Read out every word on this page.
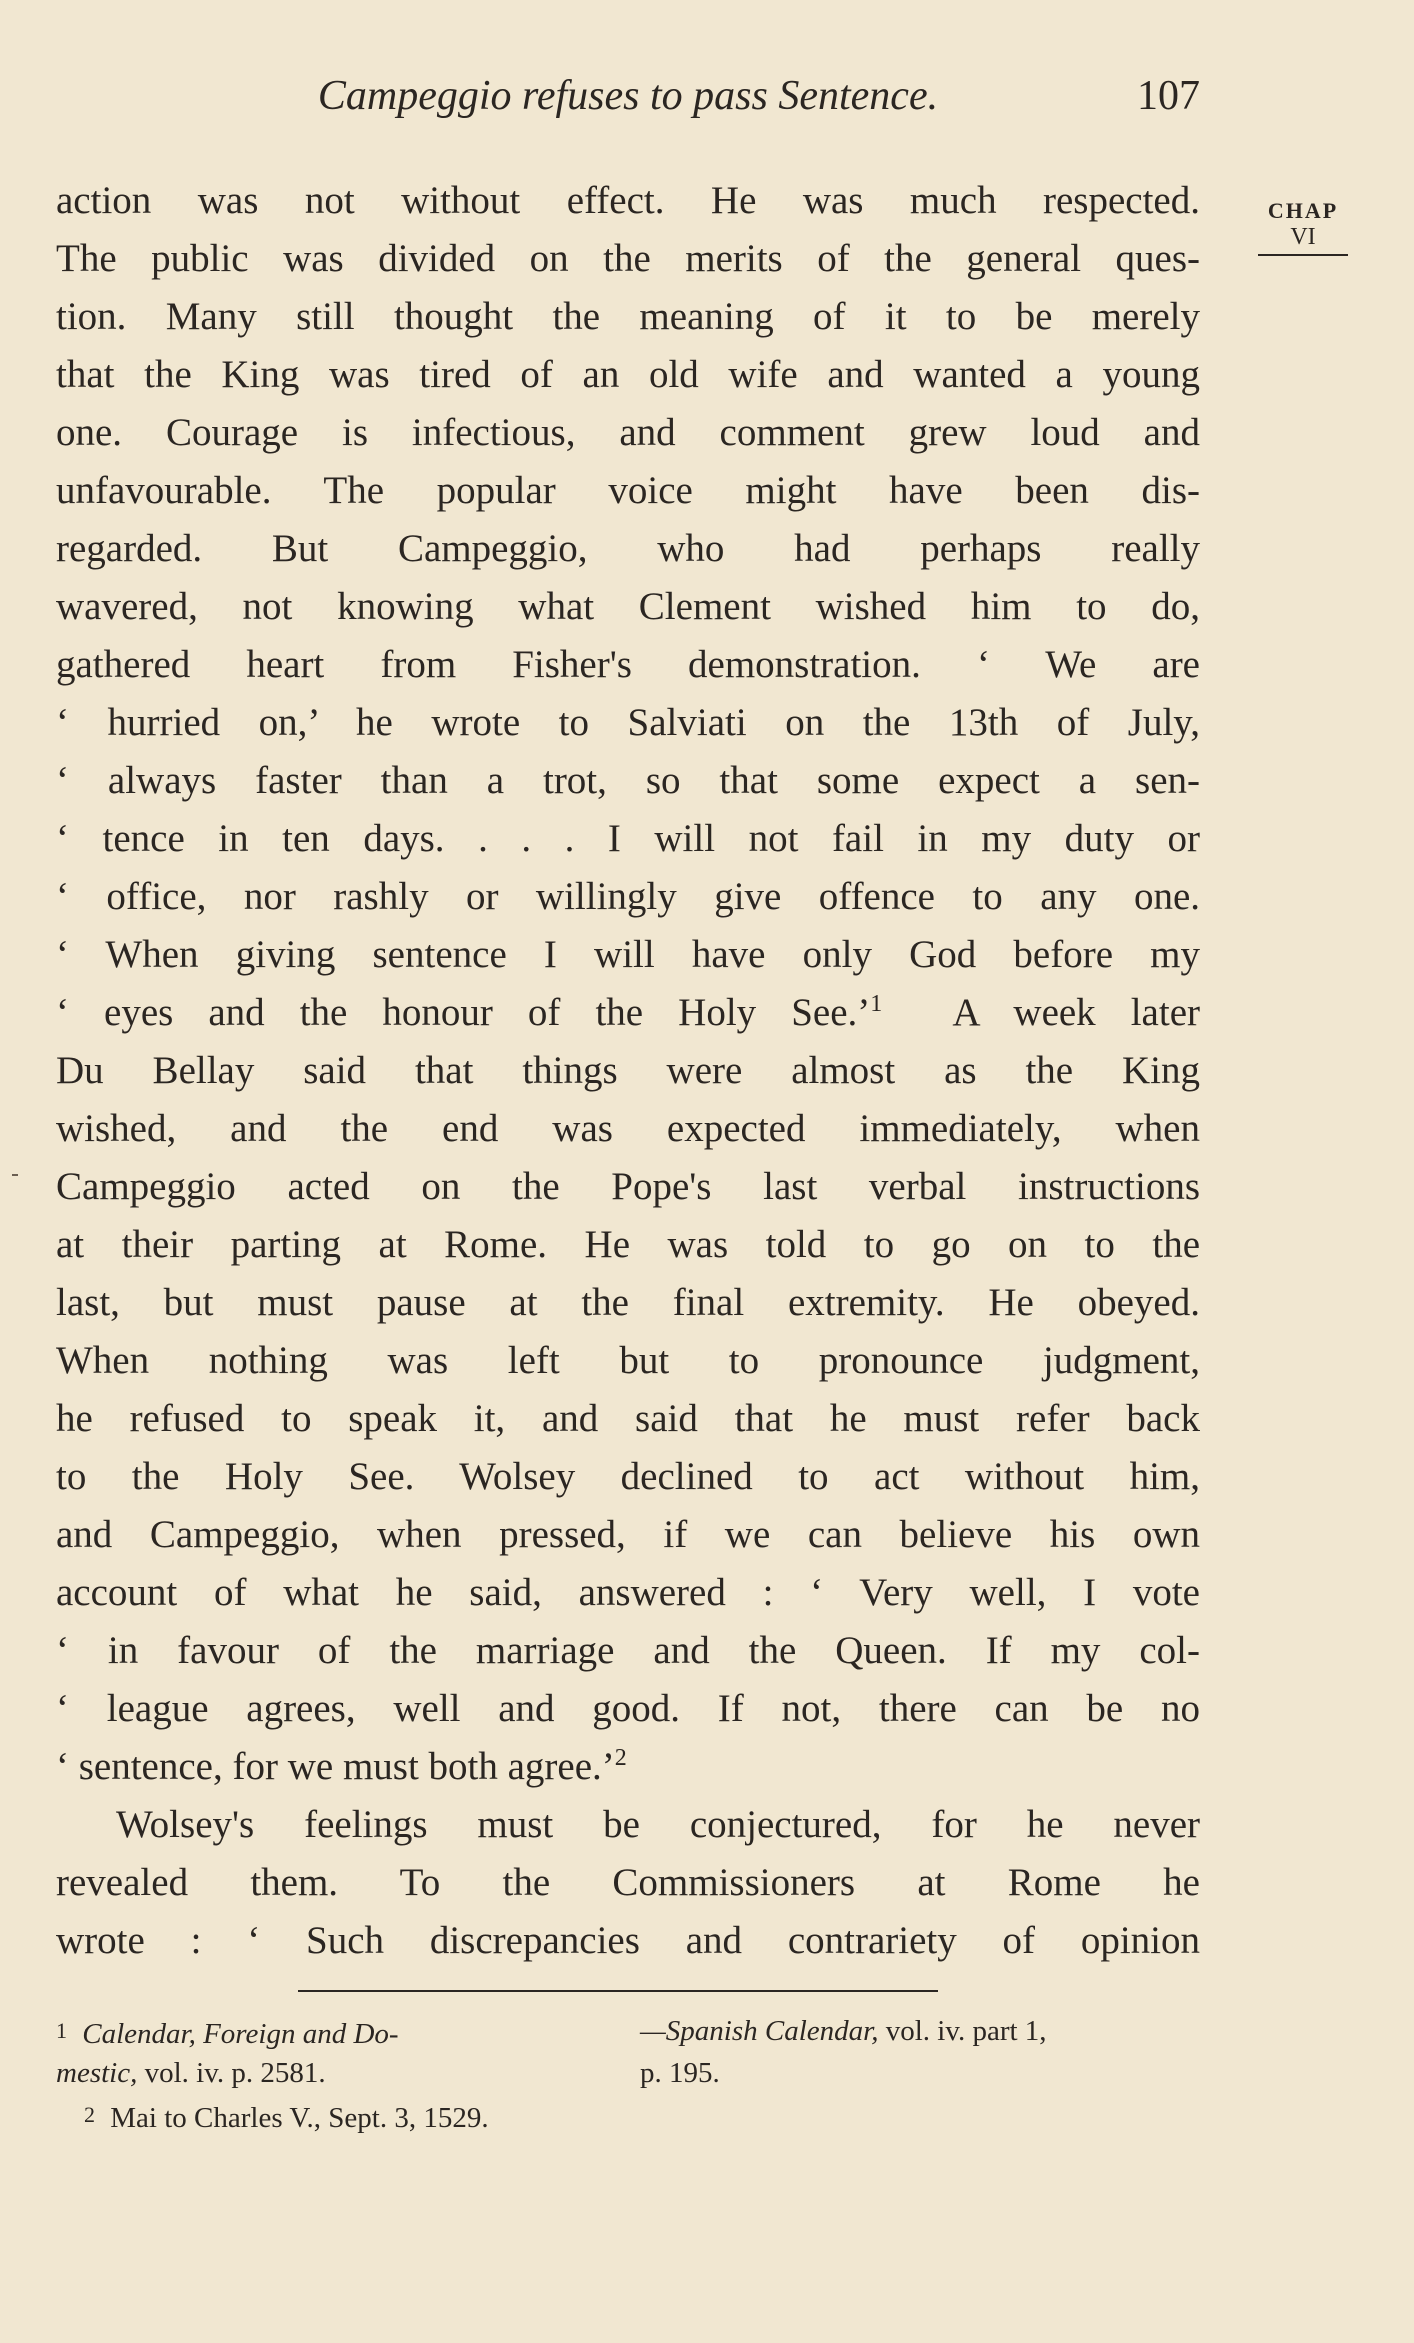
Campeggio refuses to pass Sentence.	107
CHAP
VI
action was not without effect. He was much respected.
The public was divided on the merits of the general ques-
tion. Many still thought the meaning of it to be merely
that the King was tired of an old wife and wanted a young
one. Courage is infectious, and comment grew loud and
unfavourable. The popular voice might have been dis-
regarded. But Campeggio, who had perhaps really
wavered, not knowing what Clement wished him to do,
gathered heart from Fisher's demonstration. ‘ We are
‘ hurried on,’ he wrote to Salviati on the 13th of July,
‘ always faster than a trot, so that some expect a sen-
‘ tence in ten days. . . . I will not fail in my duty or
‘ office, nor rashly or willingly give offence to any one.
‘ When giving sentence I will have only God before my
‘ eyes and the honour of the Holy See.’$^1$ A week later
Du Bellay said that things were almost as the King
wished, and the end was expected immediately, when
Campeggio acted on the Pope's last verbal instructions
at their parting at Rome. He was told to go on to the
last, but must pause at the final extremity. He obeyed.
When nothing was left but to pronounce judgment,
he refused to speak it, and said that he must refer back
to the Holy See. Wolsey declined to act without him,
and Campeggio, when pressed, if we can believe his own
account of what he said, answered : ‘ Very well, I vote
‘ in favour of the marriage and the Queen. If my col-
‘ league agrees, well and good. If not, there can be no
‘ sentence, for we must both agree.’$^2$
Wolsey's feelings must be conjectured, for he never
revealed them. To the Commissioners at Rome he
wrote : ‘ Such discrepancies and contrariety of opinion
1 Calendar, Foreign and Do-
mestic, vol. iv. p. 2581.
2 Mai to Charles V., Sept. 3, 1529.
—Spanish Calendar, vol. iv. part 1,
p. 195.
